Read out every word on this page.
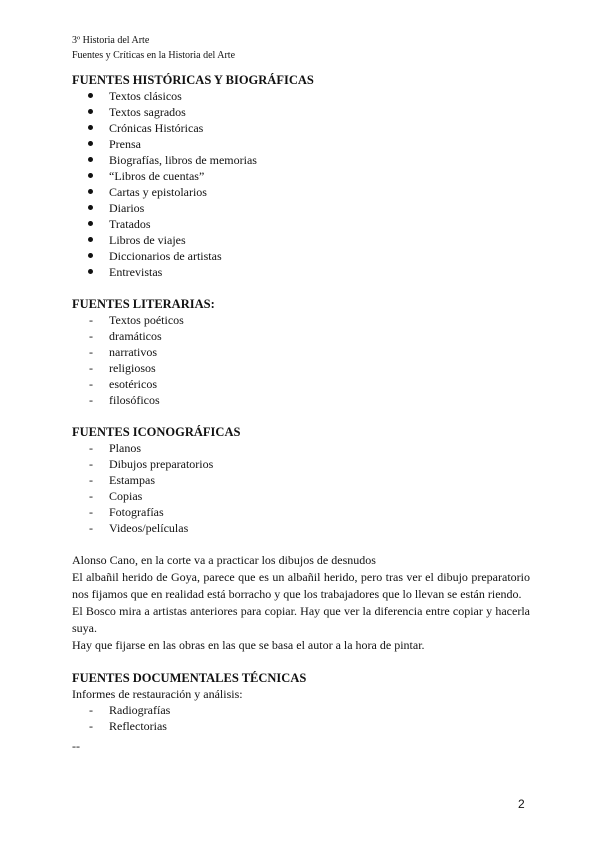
3º Historia del Arte
Fuentes y Críticas en la Historia del Arte
FUENTES HISTÓRICAS Y BIOGRÁFICAS
Textos clásicos
Textos sagrados
Crónicas Históricas
Prensa
Biografías, libros de memorias
“Libros de cuentas”
Cartas y epistolarios
Diarios
Tratados
Libros de viajes
Diccionarios de artistas
Entrevistas
FUENTES LITERARIAS:
- Textos poéticos
- dramáticos
- narrativos
- religiosos
- esotéricos
- filosóficos
FUENTES ICONOGRÁFICAS
- Planos
- Dibujos preparatorios
- Estampas
- Copias
- Fotografías
- Videos/películas

Alonso Cano, en la corte va a practicar los dibujos de desnudos

El albañil herido de Goya, parece que es un albañil herido, pero tras ver el dibujo preparatorio nos fijamos que en realidad está borracho y que los trabajadores que lo llevan se están riendo.

El Bosco mira a artistas anteriores para copiar. Hay que ver la diferencia entre copiar y hacerla suya.

Hay que fijarse en las obras en las que se basa el autor a la hora de pintar.

FUENTES DOCUMENTALES TÉCNICAS
Informes de restauración y análisis:
- Radiografías
- Reflectorias
--
2
